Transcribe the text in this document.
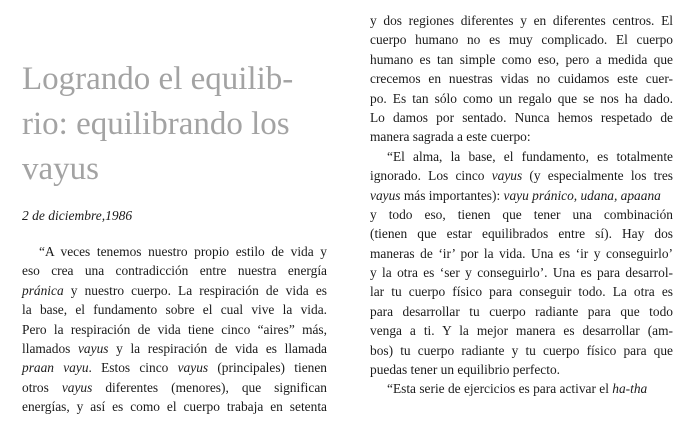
Logrando el equilib-
rio: equilibrando los
vayus
2 de diciembre,1986
“A veces tenemos nuestro propio estilo de vida y
eso crea una contradicción entre nuestra energía
pránica y nuestro cuerpo. La respiración de vida es
la base, el fundamento sobre el cual vive la vida.
Pero la respiración de vida tiene cinco “aires” más,
llamados vayus y la respiración de vida es llamada
praan vayu. Estos cinco vayus (principales) tienen
otros vayus diferentes (menores), que significan
energías, y así es como el cuerpo trabaja en setenta
y dos regiones diferentes y en diferentes centros. El
cuerpo humano no es muy complicado. El cuerpo
humano es tan simple como eso, pero a medida que
crecemos en nuestras vidas no cuidamos este cuer-
po. Es tan sólo como un regalo que se nos ha dado.
Lo damos por sentado. Nunca hemos respetado de
manera sagrada a este cuerpo:
“El alma, la base, el fundamento, es totalmente
ignorado. Los cinco vayus (y especialmente los tres
vayus más importantes): vayu pránico, udana, apaana
y todo eso, tienen que tener una combinación
(tienen que estar equilibrados entre sí). Hay dos
maneras de ‘ir’ por la vida. Una es ‘ir y conseguirlo’
y la otra es ‘ser y conseguirlo’. Una es para desarrol-
lar tu cuerpo físico para conseguir todo. La otra es
para desarrollar tu cuerpo radiante para que todo
venga a ti. Y la mejor manera es desarrollar (am-
bos) tu cuerpo radiante y tu cuerpo físico para que
puedas tener un equilibrio perfecto.
“Esta serie de ejercicios es para activar el ha-tha
